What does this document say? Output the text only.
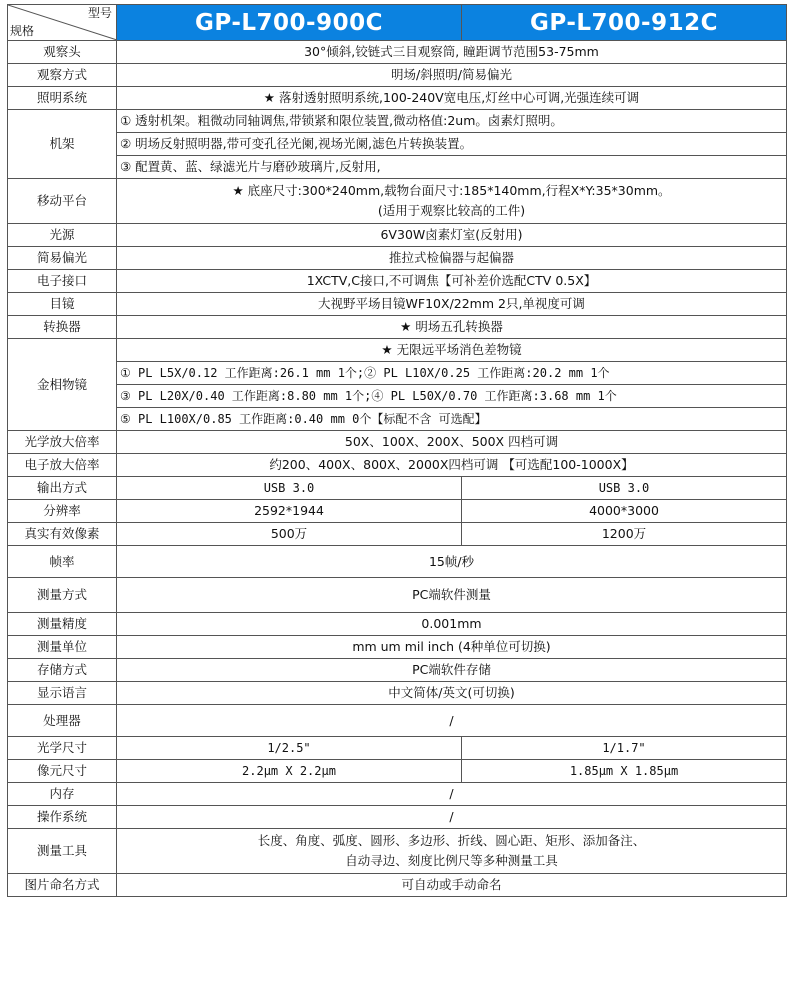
型号
规格	GP-L700-900C	GP-L700-912C
观察头	30°倾斜,铰链式三目观察筒, 瞳距调节范围53-75mm	
观察方式	明场/斜照明/简易偏光	
照明系统	★ 落射透射照明系统,100-240V宽电压,灯丝中心可调,光强连续可调	
机架	① 透射机架。粗微动同轴调焦,带锁紧和限位装置,微动格值:2um。卤素灯照明。	
	② 明场反射照明器,带可变孔径光阑,视场光阑,滤色片转换装置。	
	③ 配置黄、蓝、绿滤光片与磨砂玻璃片,反射用,	
移动平台	★ 底座尺寸:300*240mm,载物台面尺寸:185*140mm,行程X*Y:35*30mm。
(适用于观察比较高的工件)	

光源	6V30W卤素灯室(反射用)	
简易偏光	推拉式检偏器与起偏器	
电子接口	1XCTV,C接口,不可调焦【可补差价选配CTV 0.5X】	
目镜	大视野平场目镜WF10X/22mm 2只,单视度可调	
转换器	★ 明场五孔转换器	
金相物镜	★ 无限远平场消色差物镜	
	① PL L5X/0.12 工作距离:26.1 mm 1个;② PL L10X/0.25 工作距离:20.2 mm 1个	
	③ PL L20X/0.40 工作距离:8.80 mm 1个;④ PL L50X/0.70 工作距离:3.68 mm 1个	
	⑤ PL L100X/0.85 工作距离:0.40 mm 0个【标配不含 可选配】	
光学放大倍率	50X、100X、200X、500X 四档可调	
电子放大倍率	约200、400X、800X、2000X四档可调 【可选配100-1000X】	
输出方式	USB 3.0	USB 3.0
分辨率	2592*1944	4000*3000
真实有效像素	500万	1200万
帧率	15帧/秒	
测量方式	PC端软件测量	
测量精度	0.001mm	
测量单位	mm um mil inch (4种单位可切换)	
存储方式	PC端软件存储	
显示语言	中文简体/英文(可切换)	
处理器	/	
光学尺寸	1/2.5"	1/1.7"
像元尺寸	2.2μm X 2.2μm	1.85μm X 1.85μm
内存	/	
操作系统	/	
测量工具	长度、角度、弧度、圆形、多边形、折线、圆心距、矩形、添加备注、
自动寻边、刻度比例尺等多种测量工具	

图片命名方式	可自动或手动命名	
